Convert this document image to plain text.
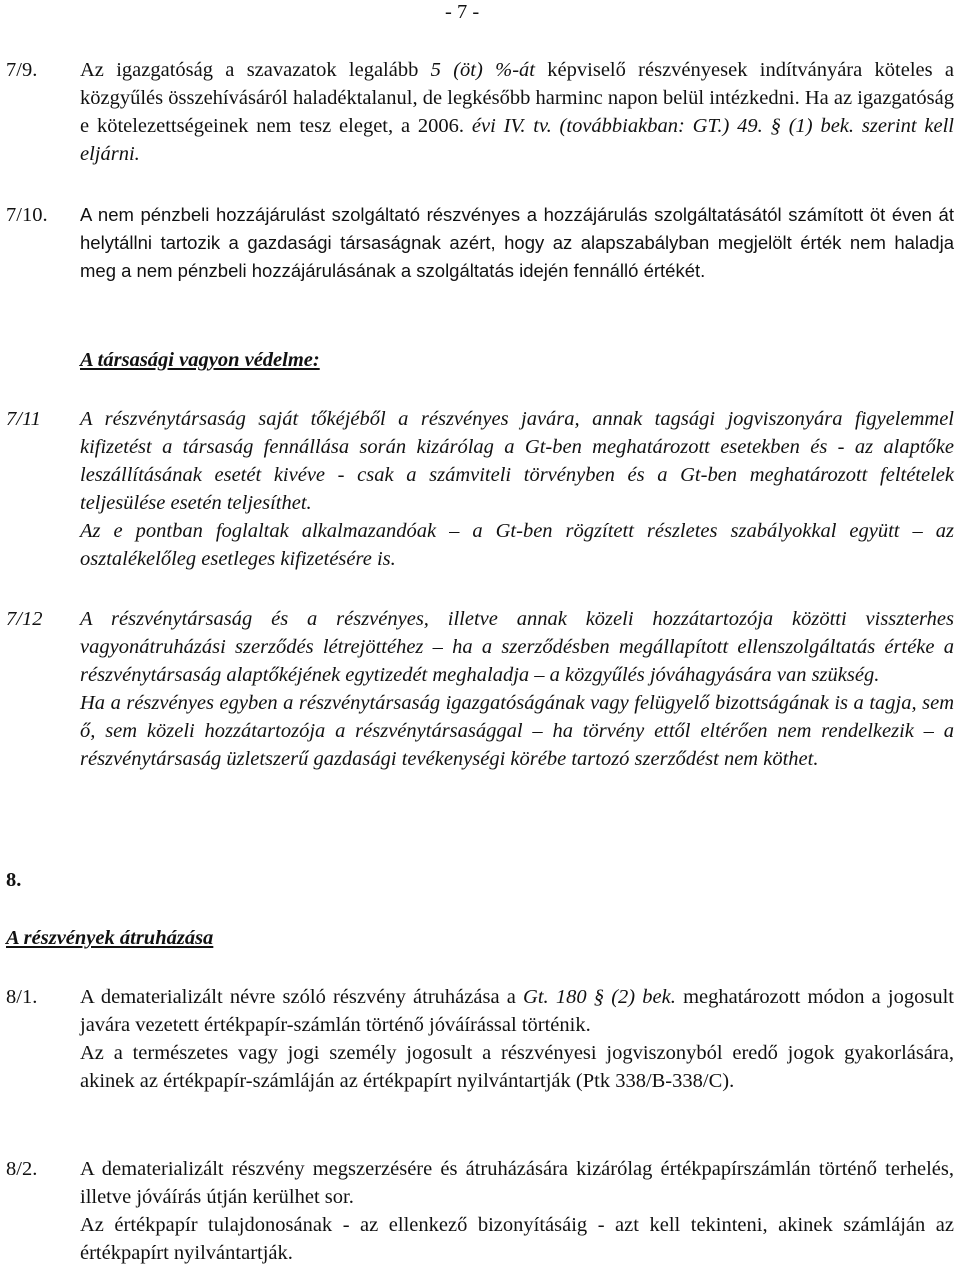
- 7 -
7/9. Az igazgatóság a szavazatok legalább 5 (öt) %-át képviselő részvényesek indítványára köteles a közgyűlés összehívásáról haladéktalanul, de legkésőbb harminc napon belül intézkedni. Ha az igazgatóság e kötelezettségeinek nem tesz eleget, a 2006. évi IV. tv. (továbbiakban: GT.) 49. § (1) bek. szerint kell eljárni.

7/10. A nem pénzbeli hozzájárulást szolgáltató részvényes a hozzájárulás szolgáltatásától számított öt éven át helytállni tartozik a gazdasági társaságnak azért, hogy az alapszabályban megjelölt érték nem haladja meg a nem pénzbeli hozzájárulásának a szolgáltatás idején fennálló értékét.

A társasági vagyon védelme:
7/11 A részvénytársaság saját tőkéjéből a részvényes javára, annak tagsági jogviszonyára figyelemmel kifizetést a társaság fennállása során kizárólag a Gt-ben meghatározott esetekben és - az alaptőke leszállításának esetét kivéve - csak a számviteli törvényben és a Gt-ben meghatározott feltételek teljesülése esetén teljesíthet.

Az e pontban foglaltak alkalmazandóak – a Gt-ben rögzített részletes szabályokkal együtt – az osztalékelőleg esetleges kifizetésére is.

7/12 A részvénytársaság és a részvényes, illetve annak közeli hozzátartozója közötti visszterhes vagyonátruházási szerződés létrejöttéhez – ha a szerződésben megállapított ellenszolgáltatás értéke a részvénytársaság alaptőkéjének egytizedét meghaladja – a közgyűlés jóváhagyására van szükség.

Ha a részvényes egyben a részvénytársaság igazgatóságának vagy felügyelő bizottságának is a tagja, sem ő, sem közeli hozzátartozója a részvénytársasággal – ha törvény ettől eltérően nem rendelkezik – a részvénytársaság üzletszerű gazdasági tevékenységi körébe tartozó szerződést nem köthet.

8.
A részvények átruházása
8/1. A dematerializált névre szóló részvény átruházása a Gt. 180 § (2) bek. meghatározott módon a jogosult javára vezetett értékpapír-számlán történő jóváírással történik.

Az a természetes vagy jogi személy jogosult a részvényesi jogviszonyból eredő jogok gyakorlására, akinek az értékpapír-számláján az értékpapírt nyilvántartják (Ptk 338/B-338/C).

8/2. A dematerializált részvény megszerzésére és átruházására kizárólag értékpapírszámlán történő terhelés, illetve jóváírás útján kerülhet sor.

Az értékpapír tulajdonosának - az ellenkező bizonyításáig - azt kell tekinteni, akinek számláján az értékpapírt nyilvántartják.
